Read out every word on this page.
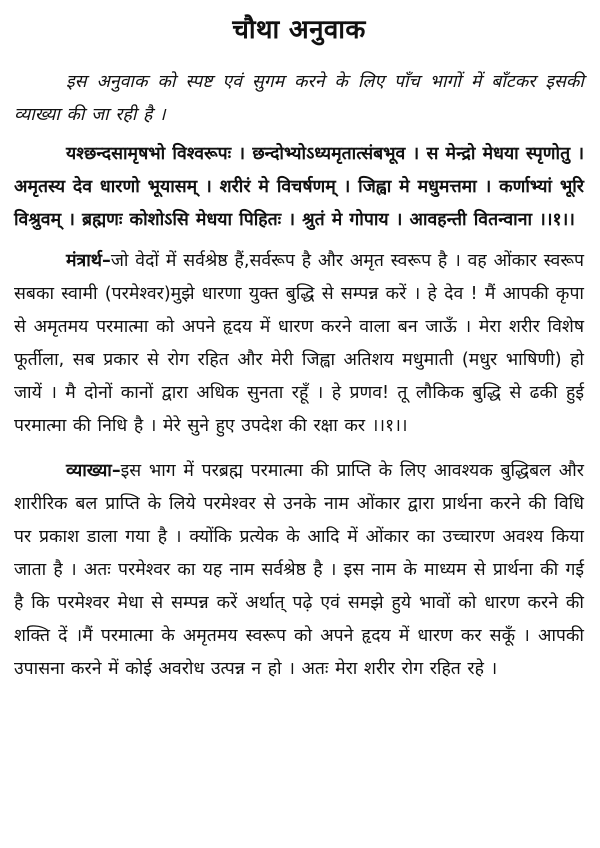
चौथा अनुवाक

इस अनुवाक को स्पष्ट एवं सुगम करने के लिए पाँच भागों में बाँटकर इसकी व्याख्या की जा रही है ।

यश्छन्दसामृषभो विश्वरूपः । छन्दोभ्योऽध्यमृतात्संबभूव । स मेन्द्रो मेधया स्पृणोतु । अमृतस्य देव धारणो भूयासम् । शरीरं मे विचर्षणम् । जिह्वा मे मधुमत्तमा । कर्णाभ्यां भूरि विश्रुवम् । ब्रह्मणः कोशोऽसि मेधया पिहितः । श्रुतं मे गोपाय । आवहन्ती वितन्वाना ।।१।।

मंत्रार्थ–जो वेदों में सर्वश्रेष्ठ हैं,सर्वरूप है और अमृत स्वरूप है । वह ओंकार स्वरूप सबका स्वामी (परमेश्वर)मुझे धारणा युक्त बुद्धि से सम्पन्न करें । हे देव ! मैं आपकी कृपा से अमृतमय परमात्मा को अपने हृदय में धारण करने वाला बन जाऊँ । मेरा शरीर विशेष फूर्तीला, सब प्रकार से रोग रहित और मेरी जिह्वा अतिशय मधुमाती (मधुर भाषिणी) हो जायें । मै दोनों कानों द्वारा अधिक सुनता रहूँ । हे प्रणव! तू लौकिक बुद्धि से ढकी हुई परमात्मा की निधि है । मेरे सुने हुए उपदेश की रक्षा कर ।।१।।

व्याख्या–इस भाग में परब्रह्म परमात्मा की प्राप्ति के लिए आवश्यक बुद्धिबल और शारीरिक बल प्राप्ति के लिये परमेश्वर से उनके नाम ओंकार द्वारा प्रार्थना करने की विधि पर प्रकाश डाला गया है । क्योंकि प्रत्येक के आदि में ओंकार का उच्चारण अवश्य किया जाता है । अतः परमेश्वर का यह नाम सर्वश्रेष्ठ है । इस नाम के माध्यम से प्रार्थना की गई है कि परमेश्वर मेधा से सम्पन्न करें अर्थात् पढ़े एवं समझे हुये भावों को धारण करने की शक्ति दें ।मैं परमात्मा के अमृतमय स्वरूप को अपने हृदय में धारण कर सकूँ । आपकी उपासना करने में कोई अवरोध उत्पन्न न हो । अतः मेरा शरीर रोग रहित रहे ।
